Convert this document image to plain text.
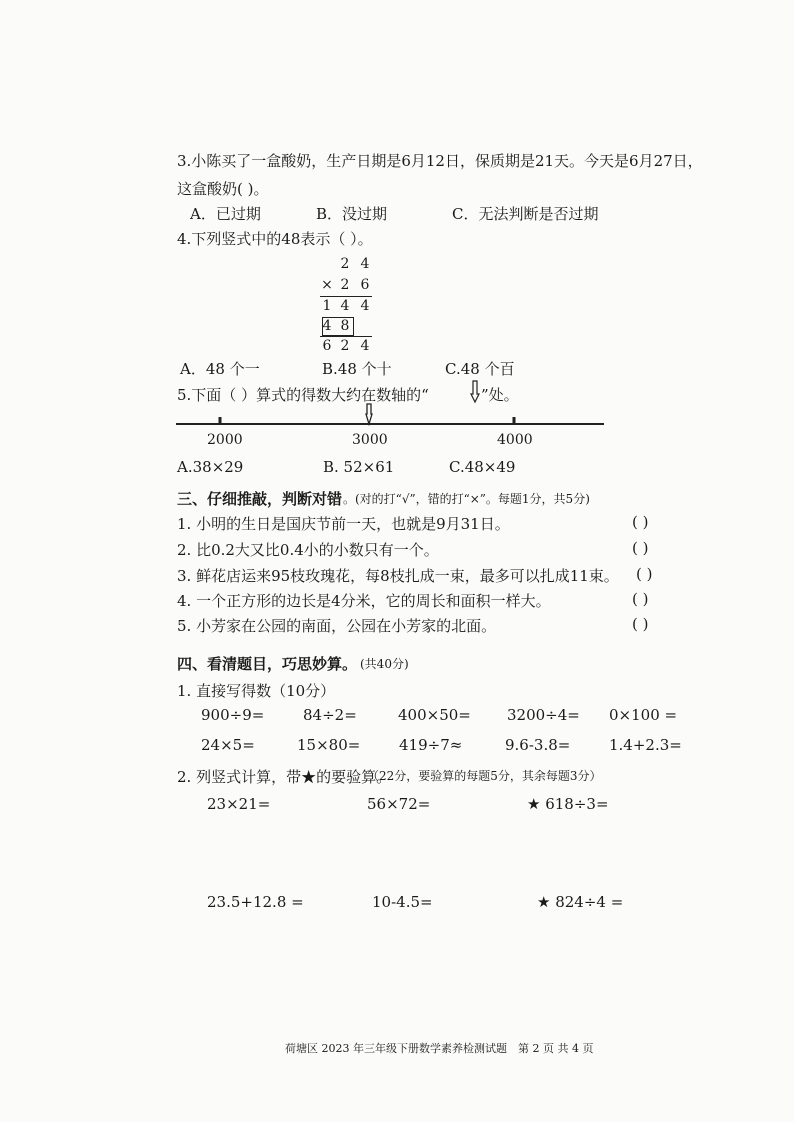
3.小陈买了一盒酸奶，生产日期是6月12日，保质期是21天。今天是6月27日，
这盒酸奶( )。
A．已过期	B．没过期	C．无法判断是否过期
4.下列竖式中的48表示（ ）。
2 4
× 2 6
1 4 4
4 8
6 2 4
A．48 个一	B.48 个十	C.48 个百
5.下面（ ）算式的得数大约在数轴的“	”处。
2000	3000	4000
A.38×29	B. 52×61	C.48×49
三、仔细推敲，判断对错 。(对的打“√”，错的打“×”。每题1分，共5分)
1. 小明的生日是国庆节前一天，也就是9月31日。	( )
2. 比0.2大又比0.4小的小数只有一个。	( )
3. 鲜花店运来95枝玫瑰花，每8枝扎成一束，最多可以扎成11束。 ( )
4. 一个正方形的边长是4分米，它的周长和面积一样大。	( )
5. 小芳家在公园的南面，公园在小芳家的北面。	( )
四、看清题目，巧思妙算。 (共40分)
1. 直接写得数（10分）
900÷9=	84÷2=	400×50= 3200÷4= 0×100 =
24×5=	15×80=	419÷7≈	9.6-3.8=	1.4+2.3=
2. 列竖式计算，带★的要验算。
（22分，要验算的每题5分，其余每题3分）
23×21=	56×72=	★ 618÷3=
23.5+12.8 =	10-4.5=	★ 824÷4 =
荷塘区 2023 年三年级下册数学素养检测试题　第 2 页 共 4 页
